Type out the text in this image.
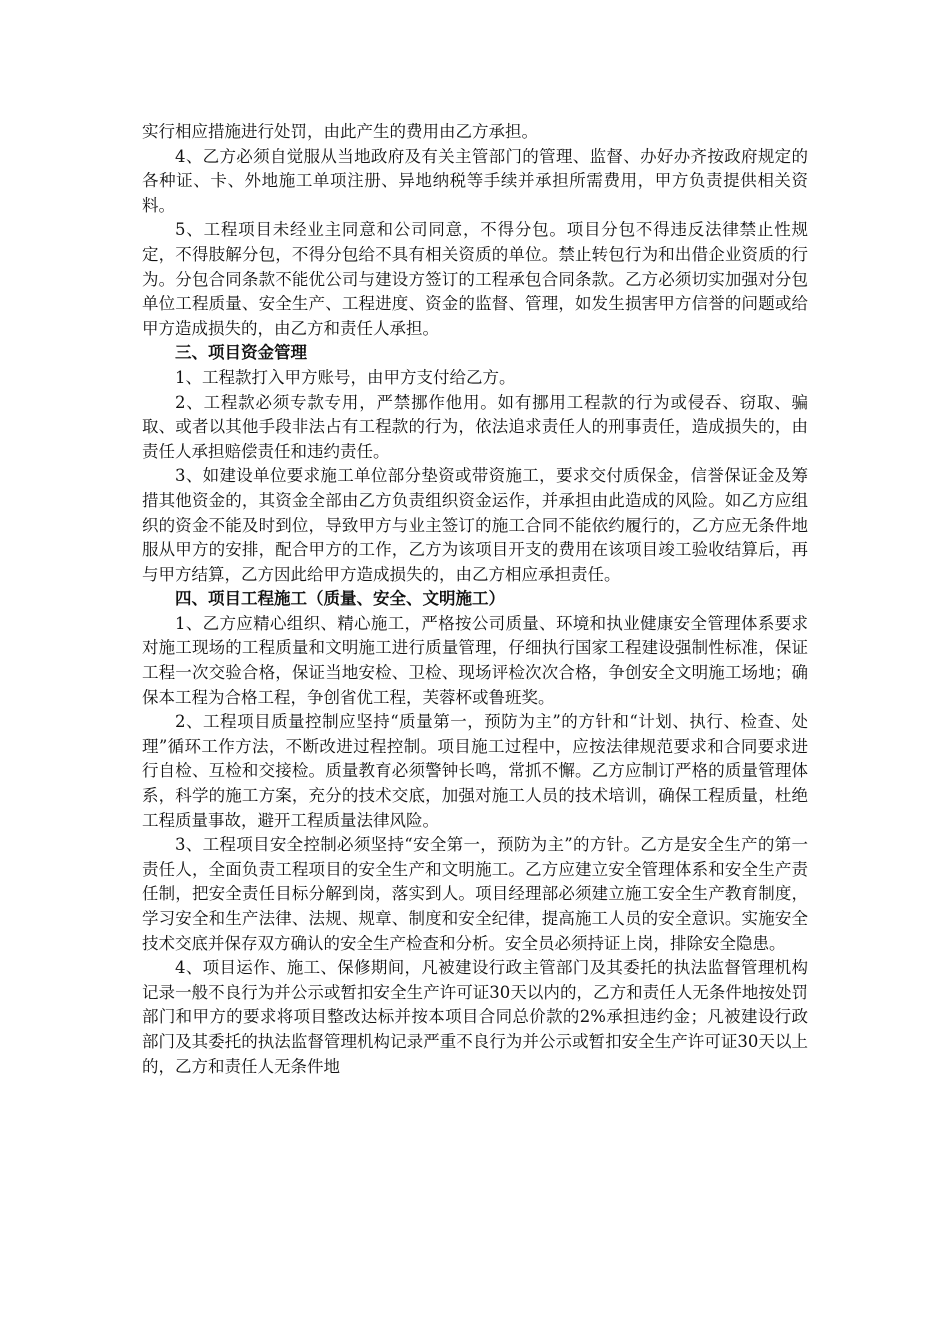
实行相应措施进行处罚，由此产生的费用由乙方承担。

4、乙方必须自觉服从当地政府及有关主管部门的管理、监督、办好办齐按政府规定的各种证、卡、外地施工单项注册、异地纳税等手续并承担所需费用，甲方负责提供相关资料。

5、工程项目未经业主同意和公司同意，不得分包。项目分包不得违反法律禁止性规定，不得肢解分包，不得分包给不具有相关资质的单位。禁止转包行为和出借企业资质的行为。分包合同条款不能优公司与建设方签订的工程承包合同条款。乙方必须切实加强对分包单位工程质量、安全生产、工程进度、资金的监督、管理，如发生损害甲方信誉的问题或给甲方造成损失的，由乙方和责任人承担。

三、项目资金管理

1、工程款打入甲方账号，由甲方支付给乙方。

2、工程款必须专款专用，严禁挪作他用。如有挪用工程款的行为或侵吞、窃取、骗取、或者以其他手段非法占有工程款的行为，依法追求责任人的刑事责任，造成损失的，由责任人承担赔偿责任和违约责任。

3、如建设单位要求施工单位部分垫资或带资施工，要求交付质保金，信誉保证金及筹措其他资金的，其资金全部由乙方负责组织资金运作，并承担由此造成的风险。如乙方应组织的资金不能及时到位，导致甲方与业主签订的施工合同不能依约履行的，乙方应无条件地服从甲方的安排，配合甲方的工作，乙方为该项目开支的费用在该项目竣工验收结算后，再与甲方结算，乙方因此给甲方造成损失的，由乙方相应承担责任。

四、项目工程施工（质量、安全、文明施工）

1、乙方应精心组织、精心施工，严格按公司质量、环境和执业健康安全管理体系要求对施工现场的工程质量和文明施工进行质量管理，仔细执行国家工程建设强制性标准，保证工程一次交验合格，保证当地安检、卫检、现场评检次次合格，争创安全文明施工场地；确保本工程为合格工程，争创省优工程，芙蓉杯或鲁班奖。

2、工程项目质量控制应坚持“质量第一，预防为主”的方针和“计划、执行、检查、处理”循环工作方法，不断改进过程控制。项目施工过程中，应按法律规范要求和合同要求进行自检、互检和交接检。质量教育必须警钟长鸣，常抓不懈。乙方应制订严格的质量管理体系，科学的施工方案，充分的技术交底，加强对施工人员的技术培训，确保工程质量，杜绝工程质量事故，避开工程质量法律风险。

3、工程项目安全控制必须坚持“安全第一，预防为主”的方针。乙方是安全生产的第一责任人，全面负责工程项目的安全生产和文明施工。乙方应建立安全管理体系和安全生产责任制，把安全责任目标分解到岗，落实到人。项目经理部必须建立施工安全生产教育制度，学习安全和生产法律、法规、规章、制度和安全纪律，提高施工人员的安全意识。实施安全技术交底并保存双方确认的安全生产检查和分析。安全员必须持证上岗，排除安全隐患。

4、项目运作、施工、保修期间，凡被建设行政主管部门及其委托的执法监督管理机构记录一般不良行为并公示或暂扣安全生产许可证30天以内的，乙方和责任人无条件地按处罚部门和甲方的要求将项目整改达标并按本项目合同总价款的2%承担违约金；凡被建设行政部门及其委托的执法监督管理机构记录严重不良行为并公示或暂扣安全生产许可证30天以上的，乙方和责任人无条件地
